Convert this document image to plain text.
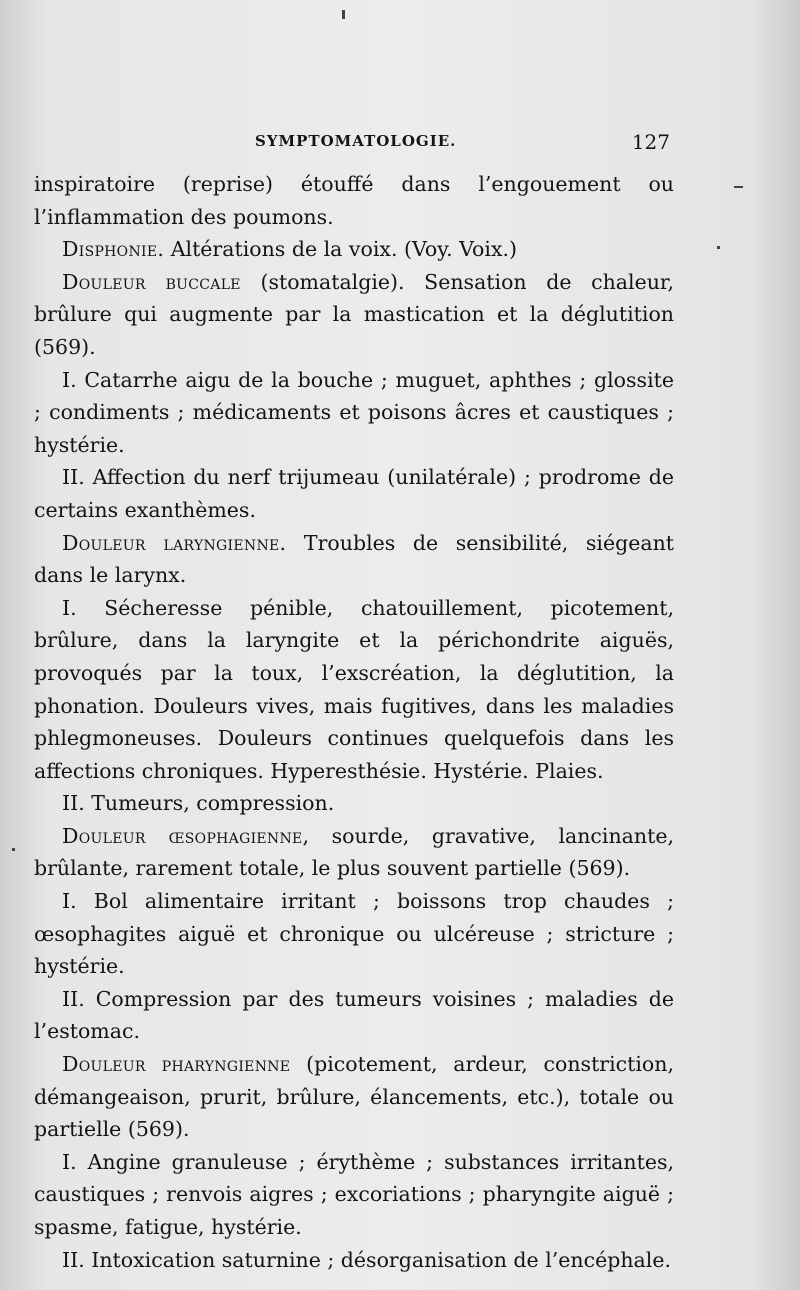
SYMPTOMATOLOGIE.	127

inspiratoire (reprise) étouffé dans l’engouement ou l’inflammation des poumons.

Disphonie. Altérations de la voix. (Voy. Voix.)

Douleur buccale (stomatalgie). Sensation de chaleur, brûlure qui augmente par la mastication et la déglutition (569).

I. Catarrhe aigu de la bouche ; muguet, aphthes ; glossite ; condiments ; médicaments et poisons âcres et caustiques ; hystérie.

II. Affection du nerf trijumeau (unilatérale) ; prodrome de certains exanthèmes.

Douleur laryngienne. Troubles de sensibilité, siégeant dans le larynx.

I. Sécheresse pénible, chatouillement, picotement, brûlure, dans la laryngite et la périchondrite aiguës, provoqués par la toux, l’exscréation, la déglutition, la phonation. Douleurs vives, mais fugitives, dans les maladies phlegmoneuses. Douleurs continues quelquefois dans les affections chroniques. Hyperesthésie. Hystérie. Plaies.

II. Tumeurs, compression.

Douleur œsophagienne, sourde, gravative, lancinante, brûlante, rarement totale, le plus souvent partielle (569).

I. Bol alimentaire irritant ; boissons trop chaudes ; œsophagites aiguë et chronique ou ulcéreuse ; stricture ; hystérie.

II. Compression par des tumeurs voisines ; maladies de l’estomac.

Douleur pharyngienne (picotement, ardeur, constriction, démangeaison, prurit, brûlure, élancements, etc.), totale ou partielle (569).

I. Angine granuleuse ; érythème ; substances irritantes, caustiques ; renvois aigres ; excoriations ; pharyngite aiguë ; spasme, fatigue, hystérie.

II. Intoxication saturnine ; désorganisation de l’encéphale.
